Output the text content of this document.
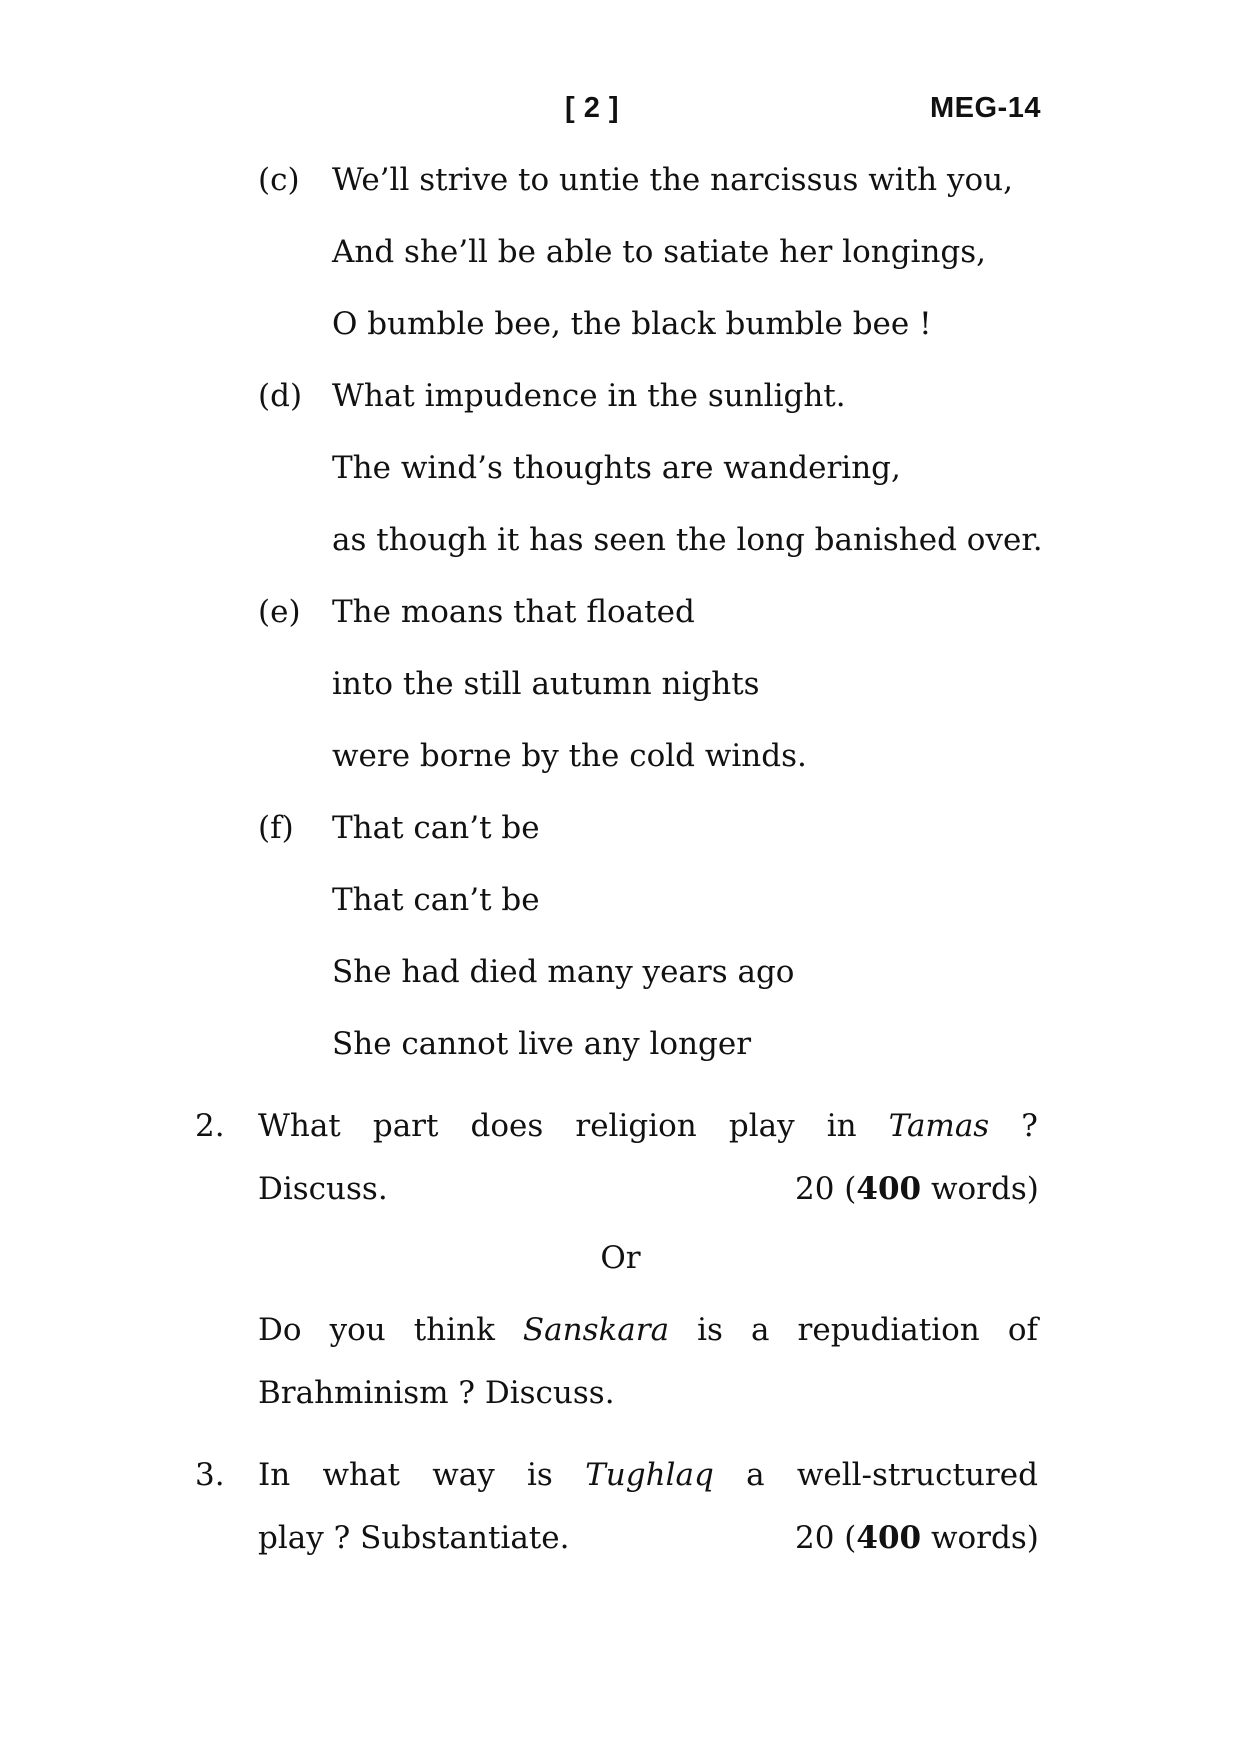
[ 2 ]	MEG-14
(c) We’ll strive to untie the narcissus with you,
And she’ll be able to satiate her longings,
O bumble bee, the black bumble bee !
(d) What impudence in the sunlight.
The wind’s thoughts are wandering,
as though it has seen the long banished over.
(e) The moans that floated
into the still autumn nights
were borne by the cold winds.
(f) That can’t be
That can’t be
She had died many years ago
She cannot live any longer
2. What part does religion play in Tamas ?
Discuss.	20 (400 words)
Or
Do you think Sanskara is a repudiation of
Brahminism ? Discuss.
3. In what way is Tughlaq a well-structured
play ? Substantiate.	20 (400 words)
